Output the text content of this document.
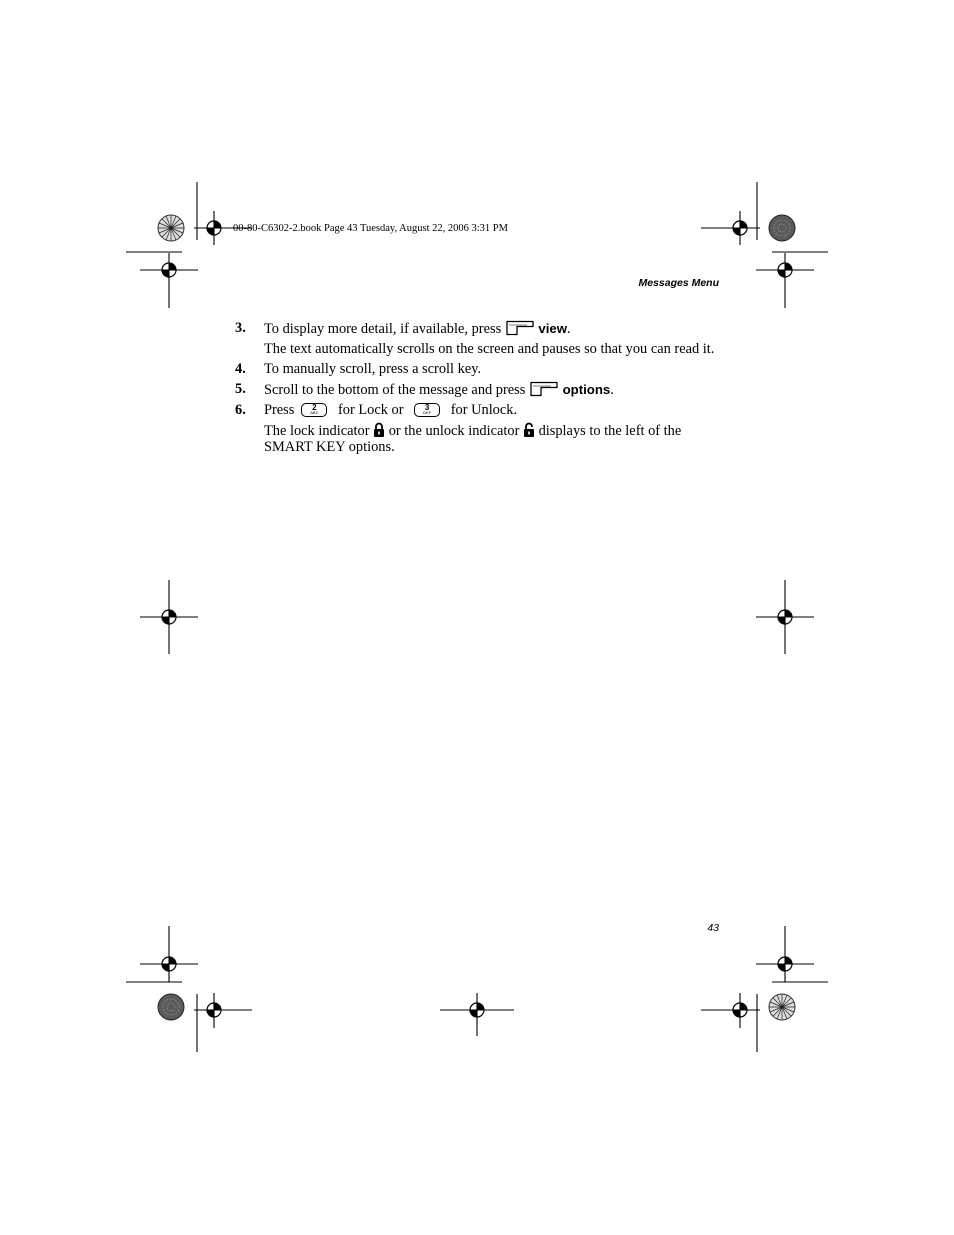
00-80-C6302-2.book Page 43 Tuesday, August 22, 2006 3:31 PM
Messages Menu
3. To display more detail, if available, press	view.

The text automatically scrolls on the screen and pauses so that you can read it.

4. To manually scroll, press a scroll key.

5. Scroll to the bottom of the message and press	options.

6. Press	2
ABC	for Lock or	3
DEF	for Unlock.

The lock indicator  or the unlock indicator  displays to the left of the SMART KEY options.

43
